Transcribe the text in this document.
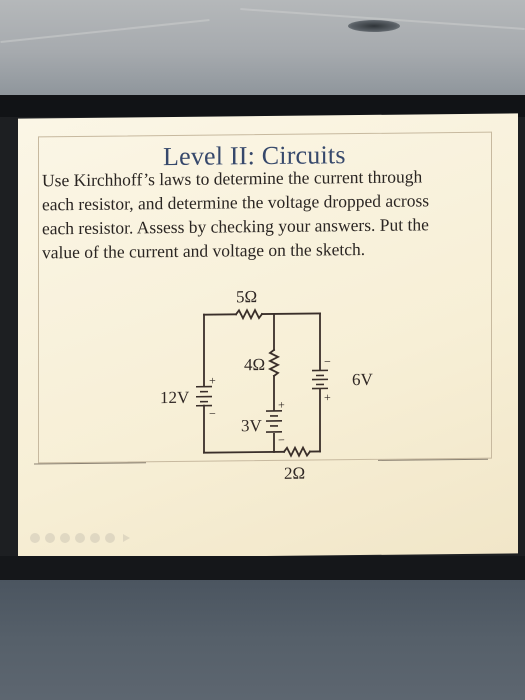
Level II: Circuits
Use Kirchhoff’s laws to determine the current through
each resistor, and determine the voltage dropped across
each resistor. Assess by checking your answers. Put the
value of the current and voltage on the sketch.
5Ω
4Ω
2Ω
12V
3V
6V
+
−
+
−
−
+
